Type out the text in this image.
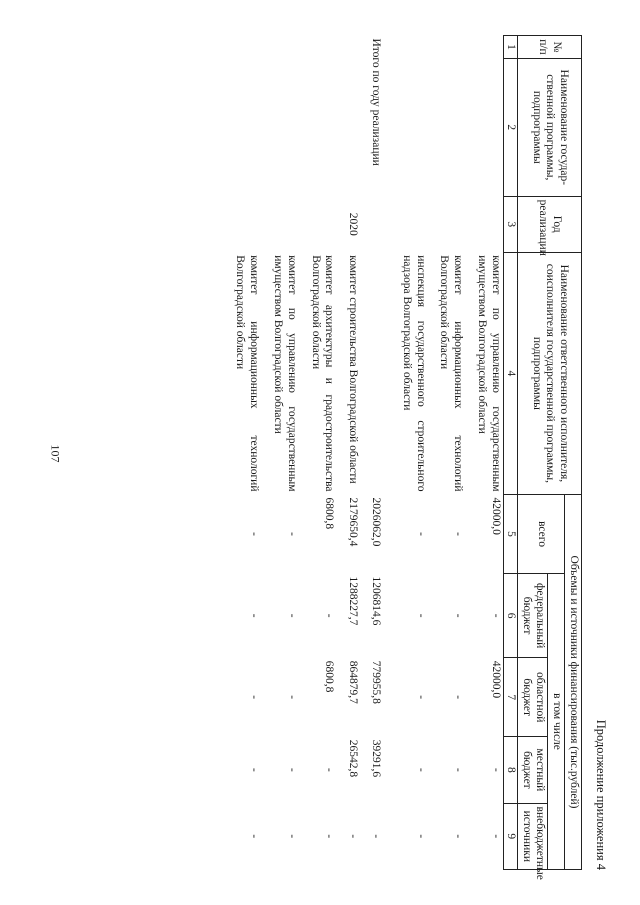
107
Продолжение приложения 4
№ п/п	Наименование государ- ственной программы, подпрограммы	Год реализации	Наименование ответственного исполнителя, соисполнителя государственной программы, подпрограммы	Объемы и источники финансирования (тыс.рублей)				
				всего	в том числе			
					федеральный бюджет	областной бюджет	местный бюджет	внебюджетные источники
1	2	3	4	5	6	7	8	9
			комитет по управлению государственным имуществом Волгоградской области	42000,0	-	42000,0	-	-
			комитет информационных технологий Волгоградской области	-	-	-	-	-
			инспекция государственного строительного надзора Волгоградской области	-	-	-	-	-
Итого по году реализации				2026062,0	1206814,6	779955,8	39291,6	-
		2020	комитет строительства Волгоградской области	2179650,4	1288227,7	864879,7	26542,8	-
			комитет архитектуры и градостроительства Волгоградской области	6800,8	-	6800,8	-	-
			комитет по управлению государственным имуществом Волгоградской области	-	-	-	-	-
			комитет информационных технологий Волгоградской области	-	-	-	-	-
